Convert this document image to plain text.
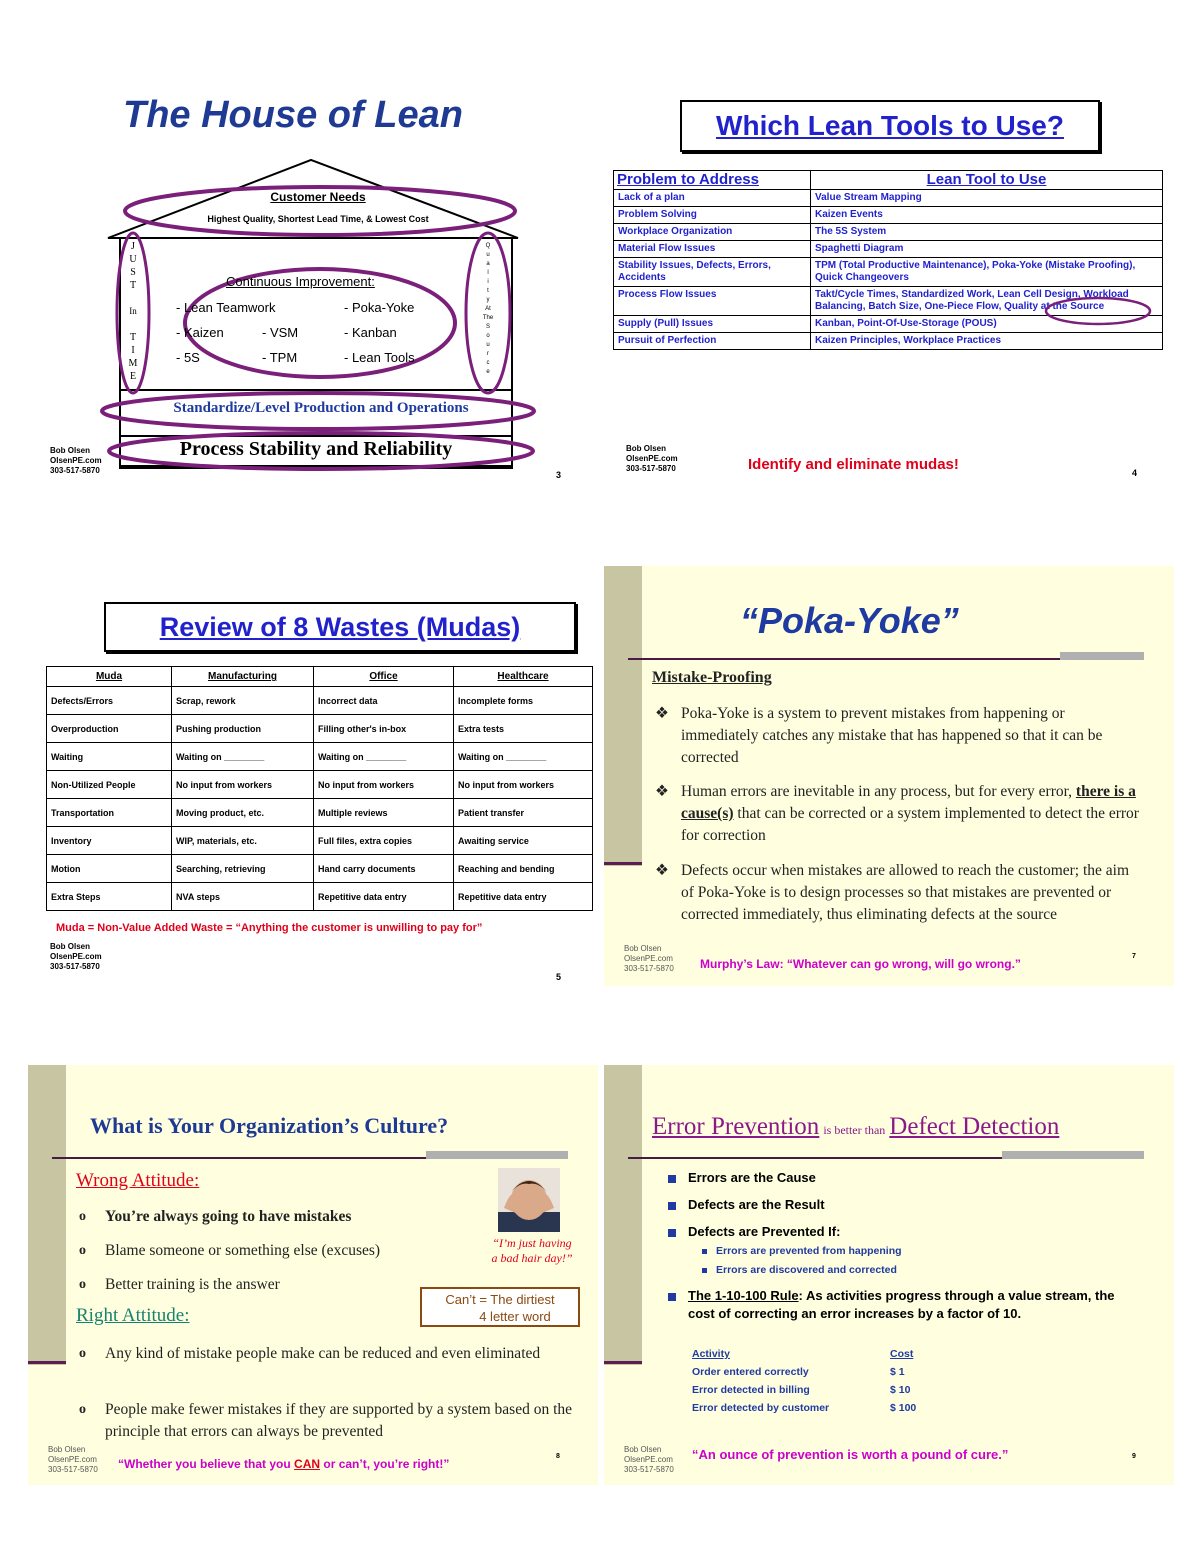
The House of Lean
Customer Needs
Highest Quality, Shortest Lead Time, & Lowest Cost
J
U
S
T
In
T
I
M
E
Q
u
a
l
i
t
y
At
The
S
o
u
r
c
e
Continuous Improvement:
- Lean Teamwork	- Poka-Yoke
- Kaizen	- VSM	- Kanban
- 5S	- TPM	- Lean Tools
Standardize/Level Production and Operations
Process Stability and Reliability
Bob Olsen
OlsenPE.com
303-517-5870	3
Which Lean Tools to Use?
Problem to Address	Lean Tool to Use
Lack of a plan	Value Stream Mapping
Problem Solving	Kaizen Events
Workplace Organization	The 5S System
Material Flow Issues	Spaghetti Diagram
Stability Issues, Defects, Errors, Accidents	TPM (Total Productive Maintenance), Poka-Yoke (Mistake Proofing), Quick Changeovers
Process Flow Issues	Takt/Cycle Times, Standardized Work, Lean Cell Design, Workload Balancing, Batch Size, One-Piece Flow, Quality at the Source
Supply (Pull) Issues	Kanban, Point-Of-Use-Storage (POUS)
Pursuit of Perfection	Kaizen Principles, Workplace Practices
Bob Olsen
OlsenPE.com
303-517-5870	Identify and eliminate mudas!	4
Review of 8 Wastes (Mudas)
Muda	Manufacturing	Office	Healthcare
Defects/Errors	Scrap, rework	Incorrect data	Incomplete forms
Overproduction	Pushing production	Filling other's in-box	Extra tests
Waiting	Waiting on ________	Waiting on ________	Waiting on ________
Non-Utilized People	No input from workers	No input from workers	No input from workers
Transportation	Moving product, etc.	Multiple reviews	Patient transfer
Inventory	WIP, materials, etc.	Full files, extra copies	Awaiting service
Motion	Searching, retrieving	Hand carry documents	Reaching and bending
Extra Steps	NVA steps	Repetitive data entry	Repetitive data entry
Muda = Non-Value Added Waste = “Anything the customer is unwilling to pay for”
Bob Olsen
OlsenPE.com
303-517-5870
5
“Poka-Yoke”
Mistake-Proofing
❖ Poka-Yoke is a system to prevent mistakes from happening or immediately catches any mistake that has happened so that it can be corrected
❖ Human errors are inevitable in any process, but for every error, there is a cause(s) that can be corrected or a system implemented to detect the error for correction
❖ Defects occur when mistakes are allowed to reach the customer; the aim of Poka-Yoke is to design processes so that mistakes are prevented or corrected immediately, thus eliminating defects at the source
Bob Olsen
OlsenPE.com
303-517-5870 Murphy’s Law: “Whatever can go wrong, will go wrong.”
7
What is Your Organization’s Culture?
Wrong Attitude:
o You’re always going to have mistakes
o Blame someone or something else (excuses)
o Better training is the answer
Right Attitude:
o Any kind of mistake people make can be reduced and even eliminated
o People make fewer mistakes if they are supported by a system based on the principle that errors can always be prevented
“I’m just having
a bad hair day!”
Can’t = The dirtiest
4 letter word
Bob Olsen
OlsenPE.com
303-517-5870 “Whether you believe that you CAN or can’t, you’re right!”
8
Error Prevention is better than Defect Detection
Errors are the Cause
Defects are the Result
Defects are Prevented If:
Errors are prevented from happening
Errors are discovered and corrected
The 1-10-100 Rule: As activities progress through a value stream, the cost of correcting an error increases by a factor of 10.
Activity	Cost
Order entered correctly	$ 1
Error detected in billing	$ 10
Error detected by customer	$ 100
Bob Olsen
OlsenPE.com
303-517-5870
“An ounce of prevention is worth a pound of cure.”	9
